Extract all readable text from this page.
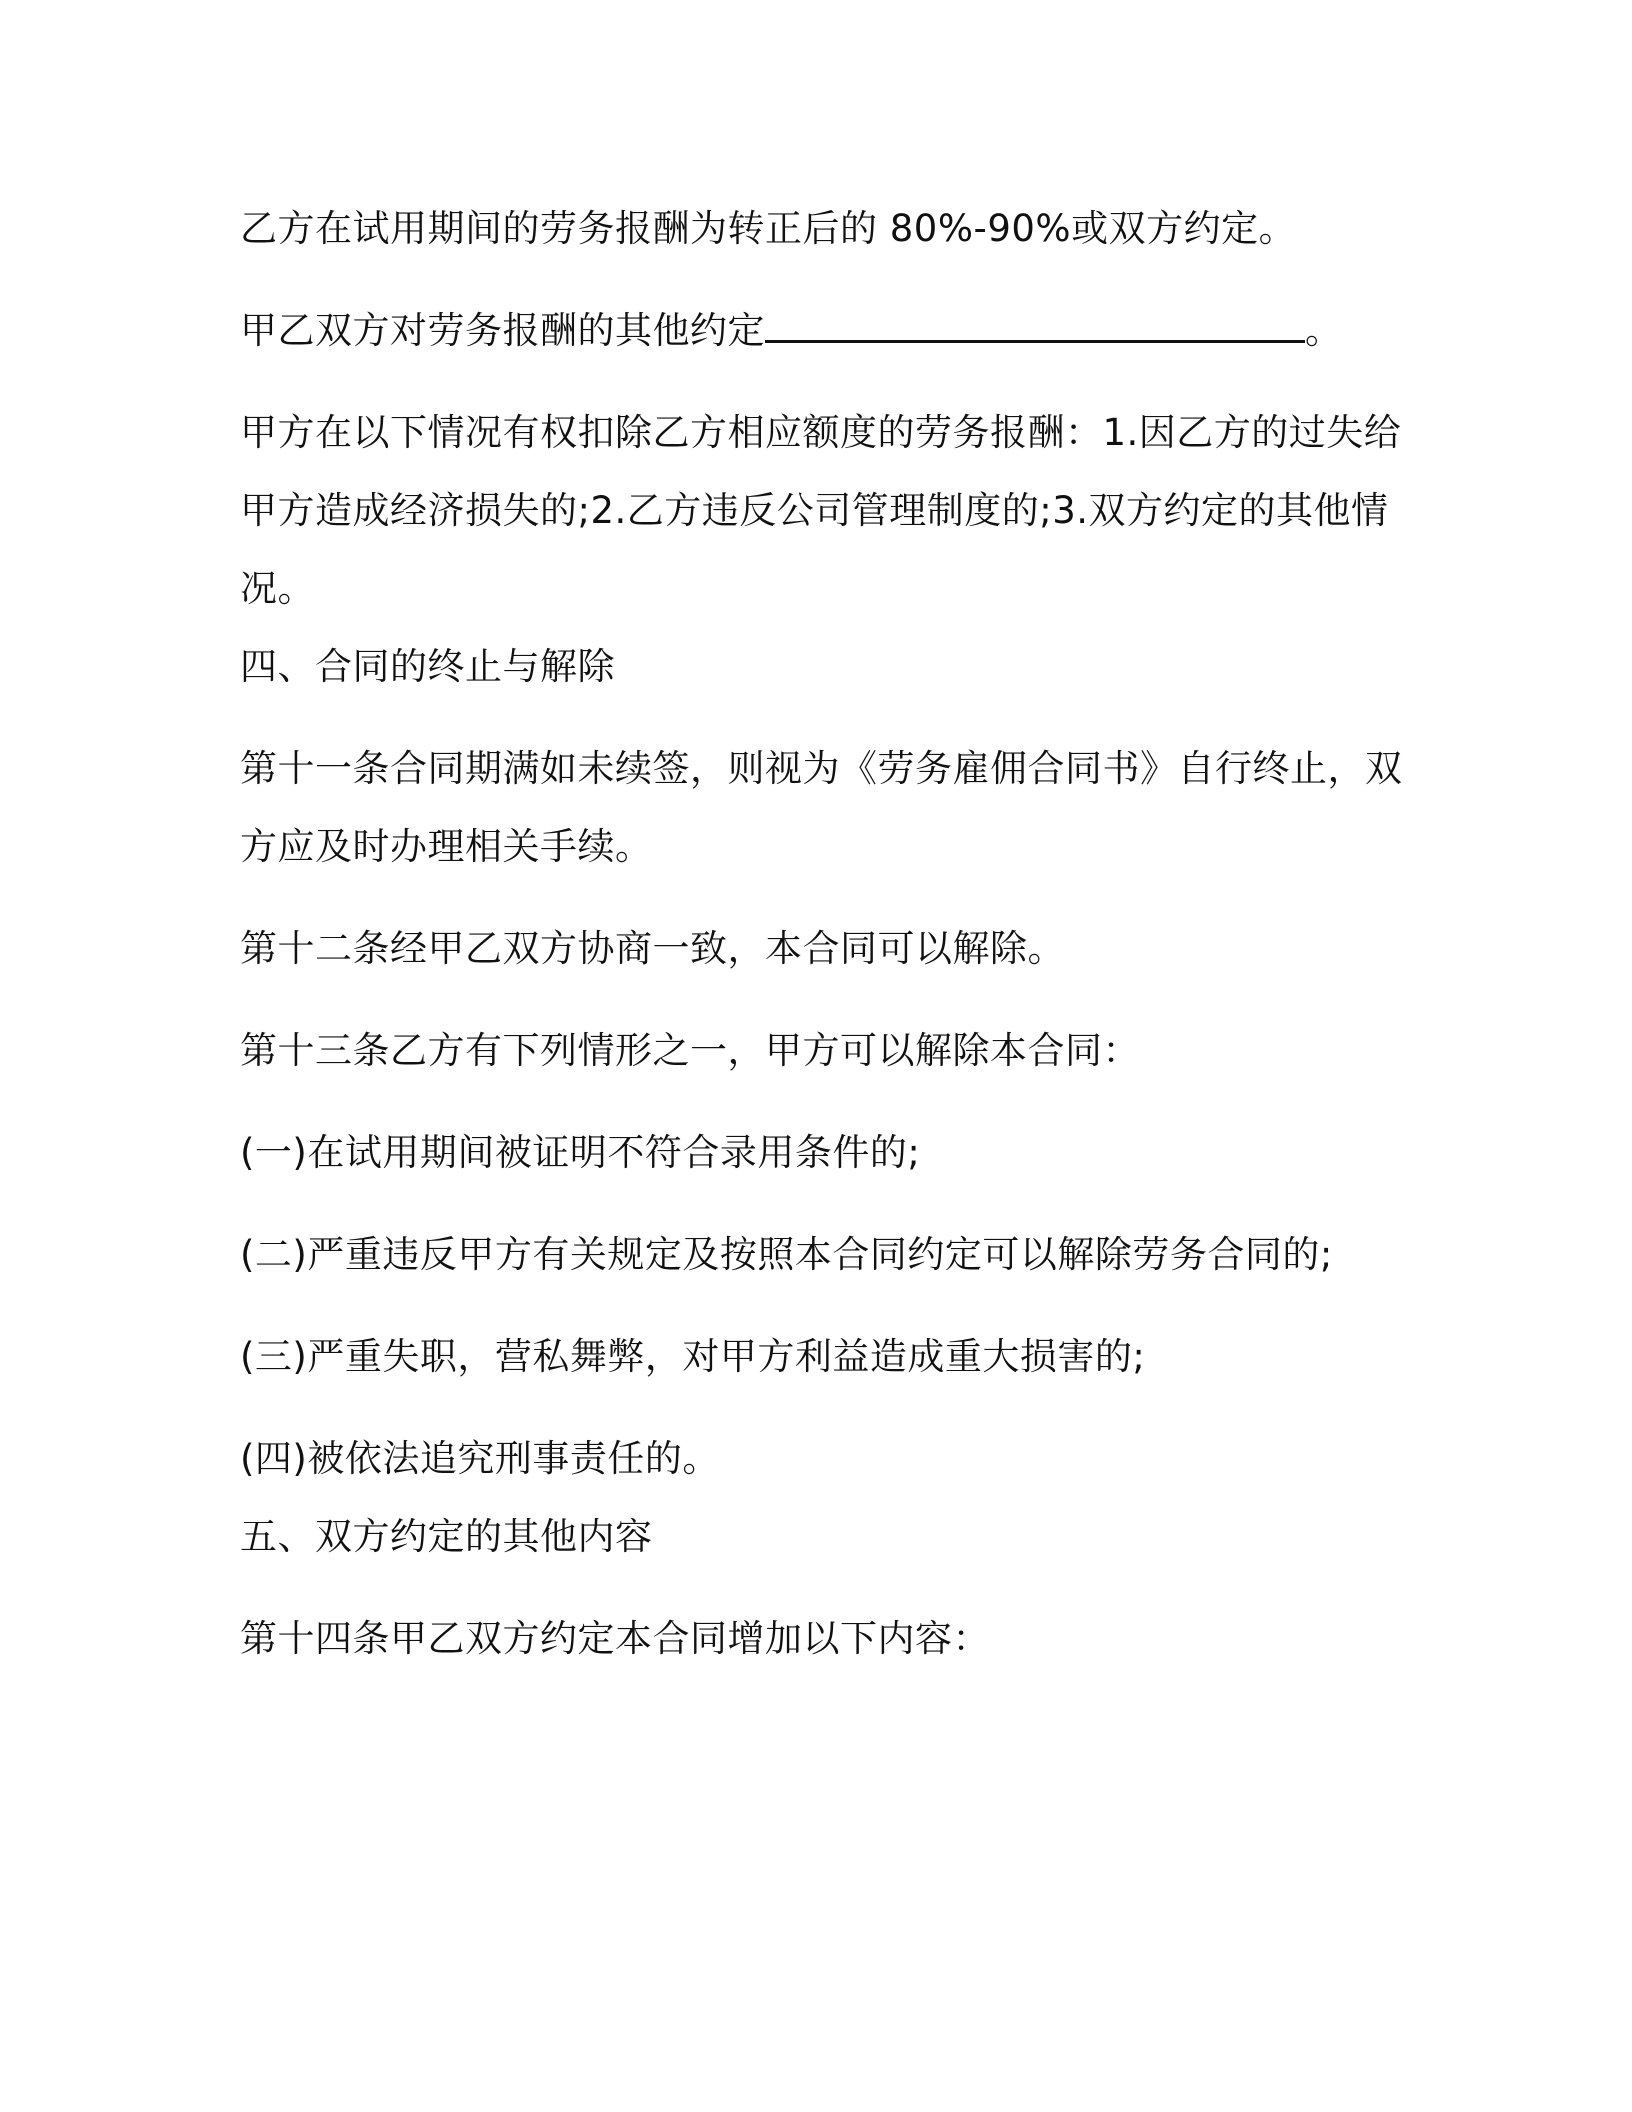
乙方在试用期间的劳务报酬为转正后的 80%-90%或双方约定。

甲乙双方对劳务报酬的其他约定	。

甲方在以下情况有权扣除乙方相应额度的劳务报酬：1.因乙方的过失给甲方造成经济损失的;2.乙方违反公司管理制度的;3.双方约定的其他情况。

四、合同的终止与解除

第十一条合同期满如未续签，则视为《劳务雇佣合同书》自行终止，双方应及时办理相关手续。

第十二条经甲乙双方协商一致，本合同可以解除。

第十三条乙方有下列情形之一，甲方可以解除本合同：

(一)在试用期间被证明不符合录用条件的;

(二)严重违反甲方有关规定及按照本合同约定可以解除劳务合同的;

(三)严重失职，营私舞弊，对甲方利益造成重大损害的;

(四)被依法追究刑事责任的。

五、双方约定的其他内容

第十四条甲乙双方约定本合同增加以下内容：
